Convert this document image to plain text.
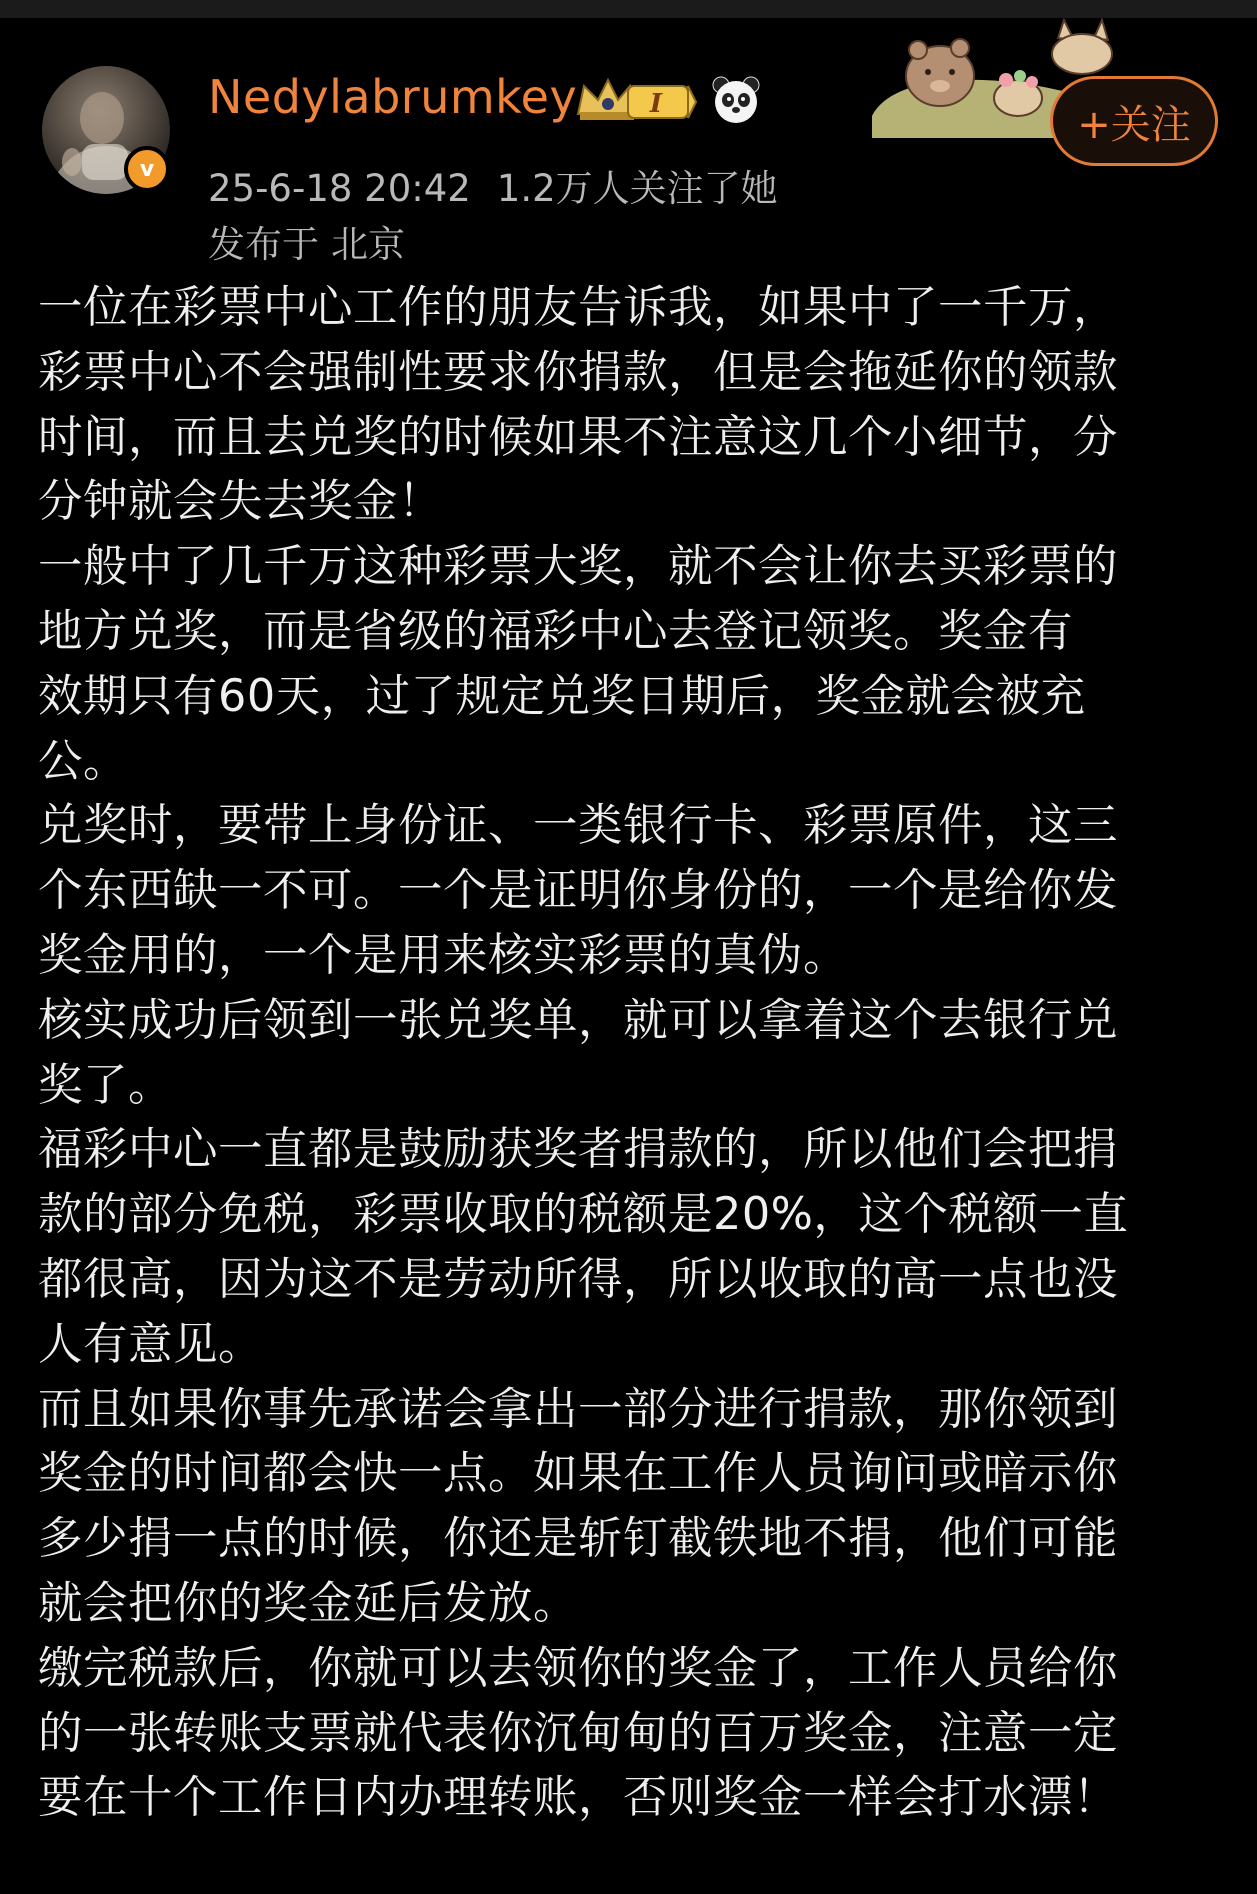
v
Nedylabrumkey	I
25-6-18 20:42 1.2万人关注了她
发布于 北京
+关注

一位在彩票中心工作的朋友告诉我，如果中了一千万，
彩票中心不会强制性要求你捐款，但是会拖延你的领款
时间，而且去兑奖的时候如果不注意这几个小细节，分
分钟就会失去奖金！

一般中了几千万这种彩票大奖，就不会让你去买彩票的
地方兑奖，而是省级的福彩中心去登记领奖。奖金有
效期只有60天，过了规定兑奖日期后，奖金就会被充
公。

兑奖时，要带上身份证、一类银行卡、彩票原件，这三
个东西缺一不可。一个是证明你身份的，一个是给你发
奖金用的，一个是用来核实彩票的真伪。

核实成功后领到一张兑奖单，就可以拿着这个去银行兑
奖了。

福彩中心一直都是鼓励获奖者捐款的，所以他们会把捐
款的部分免税，彩票收取的税额是20%，这个税额一直
都很高，因为这不是劳动所得，所以收取的高一点也没
人有意见。

而且如果你事先承诺会拿出一部分进行捐款，那你领到
奖金的时间都会快一点。如果在工作人员询问或暗示你
多少捐一点的时候，你还是斩钉截铁地不捐，他们可能
就会把你的奖金延后发放。

缴完税款后，你就可以去领你的奖金了，工作人员给你
的一张转账支票就代表你沉甸甸的百万奖金，注意一定
要在十个工作日内办理转账，否则奖金一样会打水漂！
